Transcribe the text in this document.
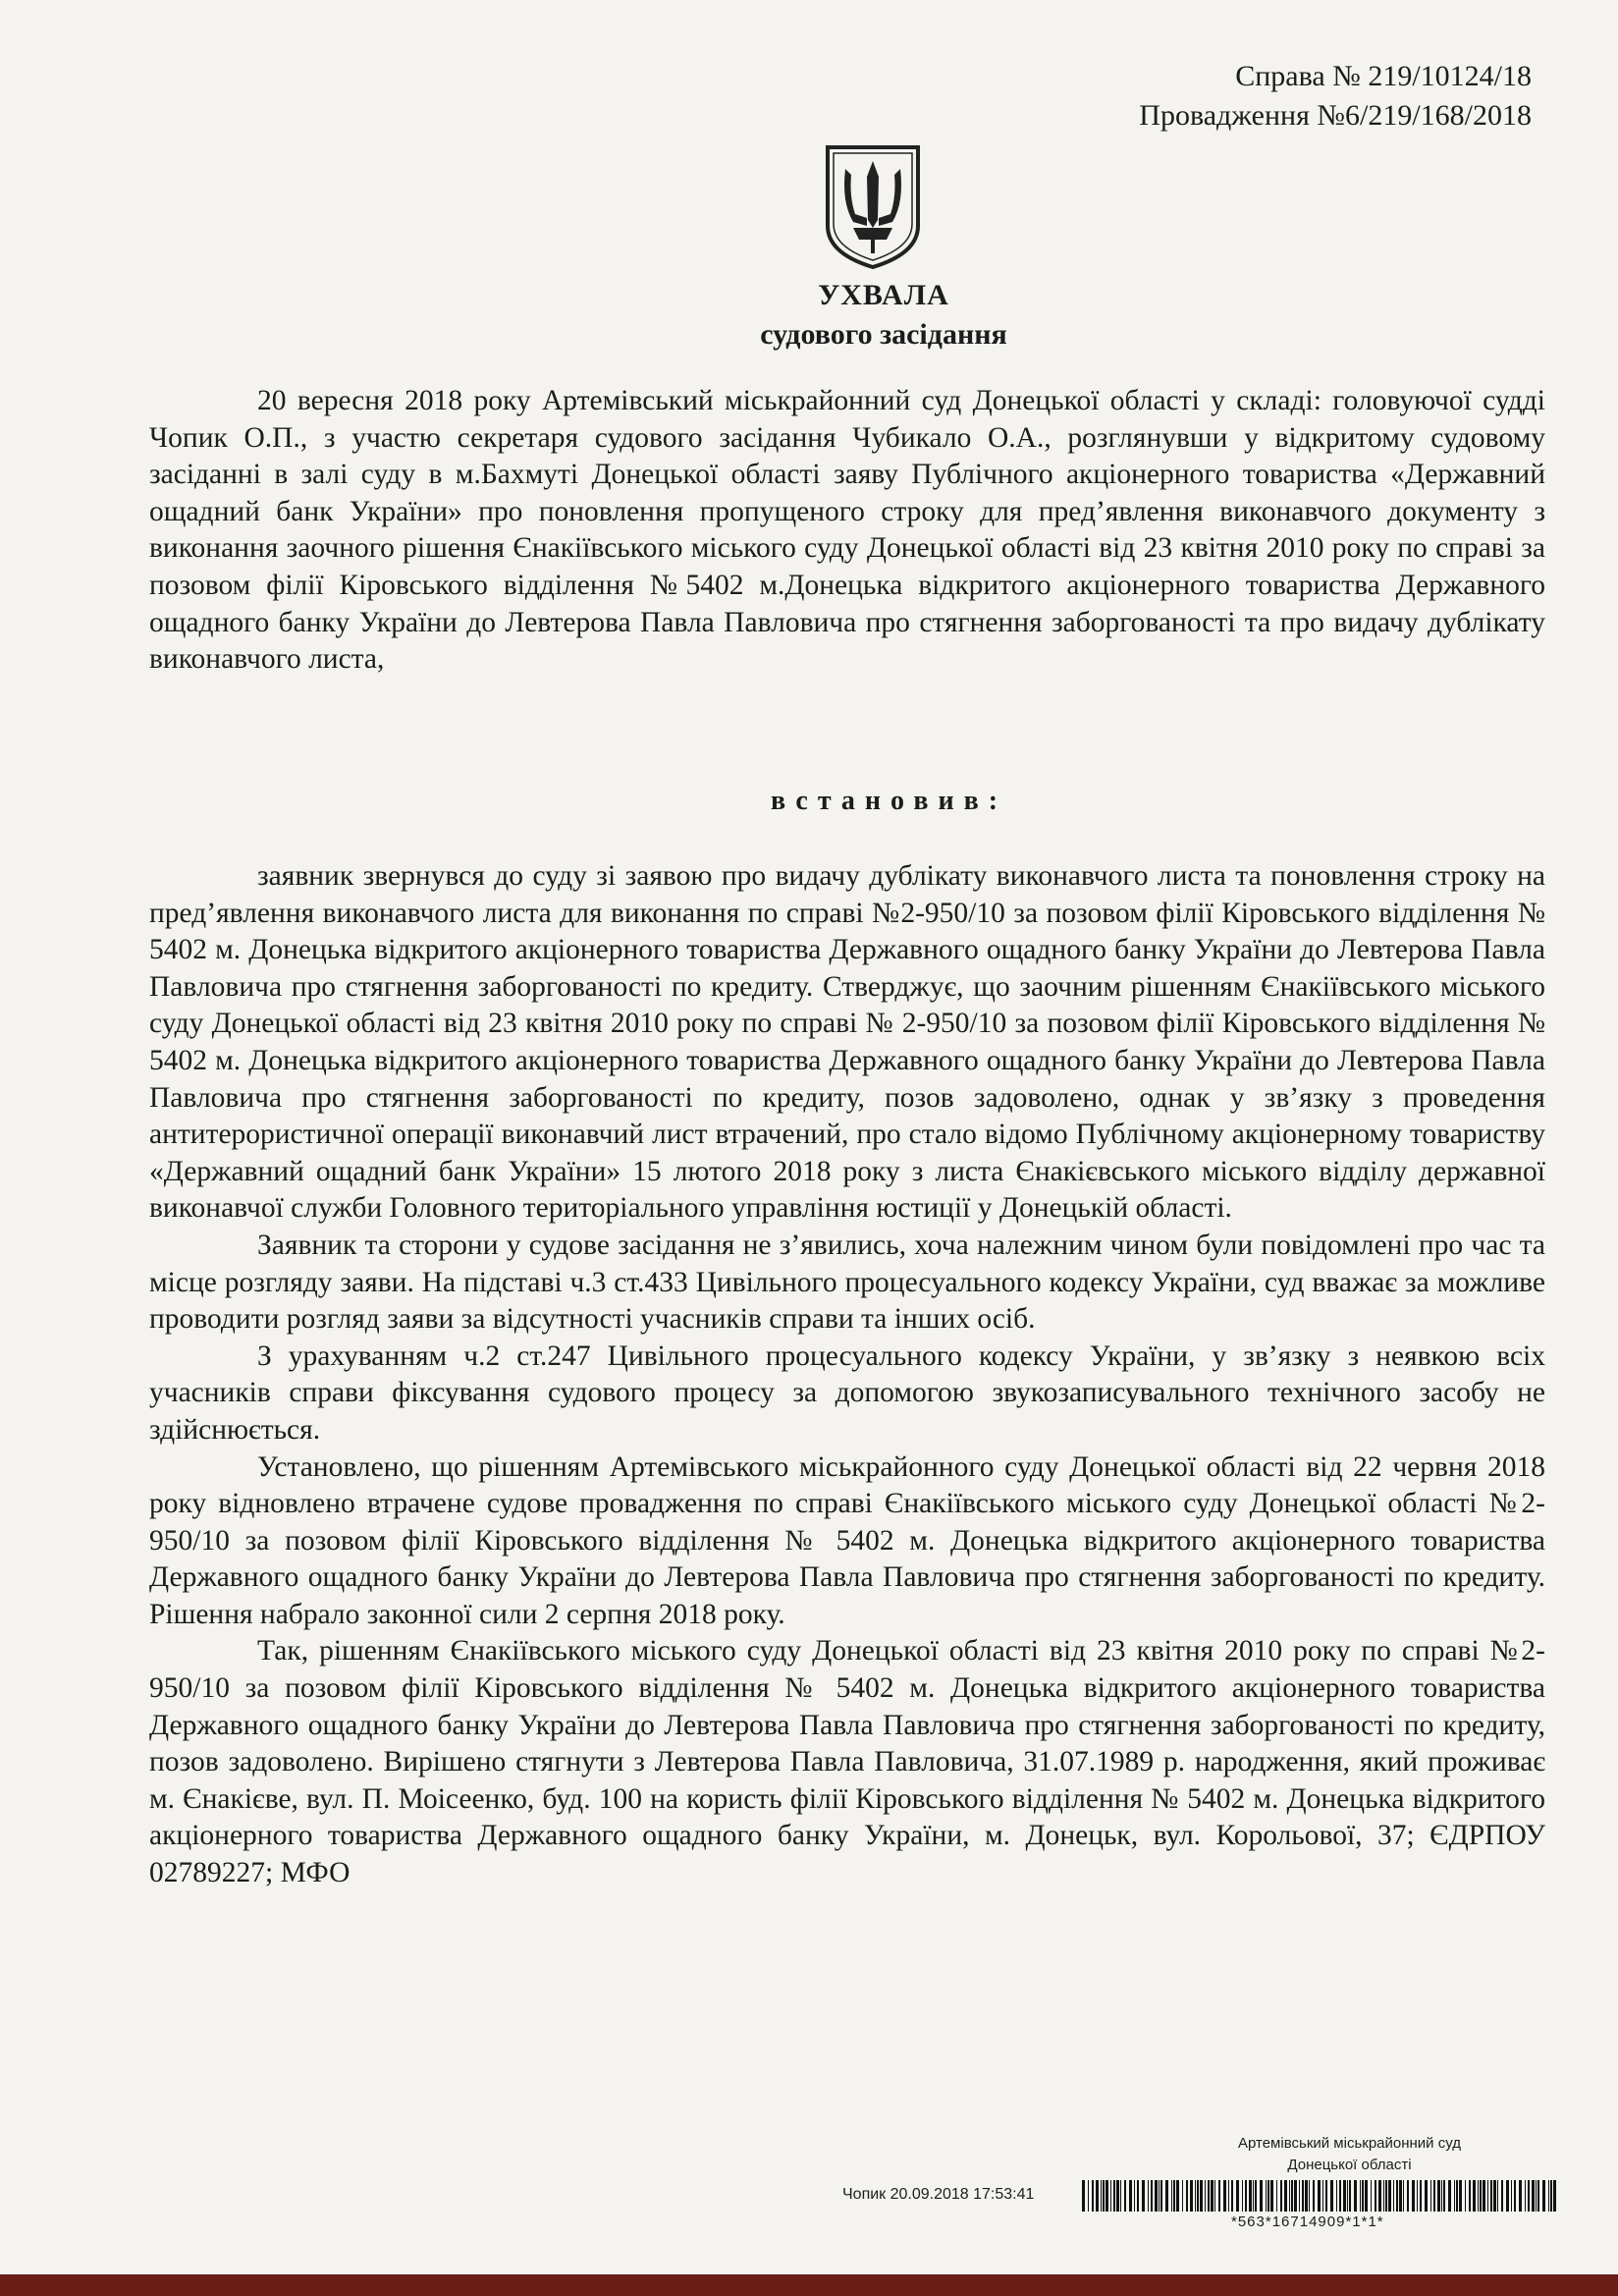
Справа № 219/10124/18
Провадження №6/219/168/2018
УХВАЛА
судового засідання

20 вересня 2018 року Артемівський міськрайонний суд Донецької області у складі: головуючої судді Чопик О.П., з участю секретаря судового засідання Чубикало О.А., розглянувши у відкритому судовому засіданні в залі суду в м.Бахмуті Донецької області заяву Публічного акціонерного товариства «Державний ощадний банк України» про поновлення пропущеного строку для пред’явлення виконавчого документу з виконання заочного рішення Єнакіївського міського суду Донецької області від 23 квітня 2010 року по справі за позовом філії Кіровського відділення №5402 м.Донецька відкритого акціонерного товариства Державного ощадного банку України до Левтерова Павла Павловича про стягнення заборгованості та про видачу дублікату виконавчого листа,

встановив:

заявник звернувся до суду зі заявою про видачу дублікату виконавчого листа та поновлення строку на пред’явлення виконавчого листа для виконання по справі №2-950/10 за позовом філії Кіровського відділення № 5402 м. Донецька відкритого акціонерного товариства Державного ощадного банку України до Левтерова Павла Павловича про стягнення заборгованості по кредиту. Стверджує, що заочним рішенням Єнакіївського міського суду Донецької області від 23 квітня 2010 року по справі № 2-950/10 за позовом філії Кіровського відділення № 5402 м. Донецька відкритого акціонерного товариства Державного ощадного банку України до Левтерова Павла Павловича про стягнення заборгованості по кредиту, позов задоволено, однак у зв’язку з проведення антитерористичної операції виконавчий лист втрачений, про стало відомо Публічному акціонерному товариству «Державний ощадний банк України» 15 лютого 2018 року з листа Єнакієвського міського відділу державної виконавчої служби Головного територіального управління юстиції у Донецькій області.

Заявник та сторони у судове засідання не з’явились, хоча належним чином були повідомлені про час та місце розгляду заяви. На підставі ч.3 ст.433 Цивільного процесуального кодексу України, суд вважає за можливе проводити розгляд заяви за відсутності учасників справи та інших осіб.

З урахуванням ч.2 ст.247 Цивільного процесуального кодексу України, у зв’язку з неявкою всіх учасників справи фіксування судового процесу за допомогою звукозаписувального технічного засобу не здійснюється.

Установлено, що рішенням Артемівського міськрайонного суду Донецької області від 22 червня 2018 року відновлено втрачене судове провадження по справі Єнакіївського міського суду Донецької області №2-950/10 за позовом філії Кіровського відділення № 5402 м. Донецька відкритого акціонерного товариства Державного ощадного банку України до Левтерова Павла Павловича про стягнення заборгованості по кредиту. Рішення набрало законної сили 2 серпня 2018 року.

Так, рішенням Єнакіївського міського суду Донецької області від 23 квітня 2010 року по справі №2-950/10 за позовом філії Кіровського відділення № 5402 м. Донецька відкритого акціонерного товариства Державного ощадного банку України до Левтерова Павла Павловича про стягнення заборгованості по кредиту, позов задоволено. Вирішено стягнути з Левтерова Павла Павловича, 31.07.1989 р. народження, який проживає м. Єнакієве, вул. П. Моісеенко, буд. 100 на користь філії Кіровського відділення № 5402 м. Донецька відкритого акціонерного товариства Державного ощадного банку України, м. Донецьк, вул. Корольової, 37; ЄДРПОУ 02789227; МФО

Артемівський міськрайонний суд
Донецької області
Чопик 20.09.2018 17:53:41
*563*16714909*1*1*
